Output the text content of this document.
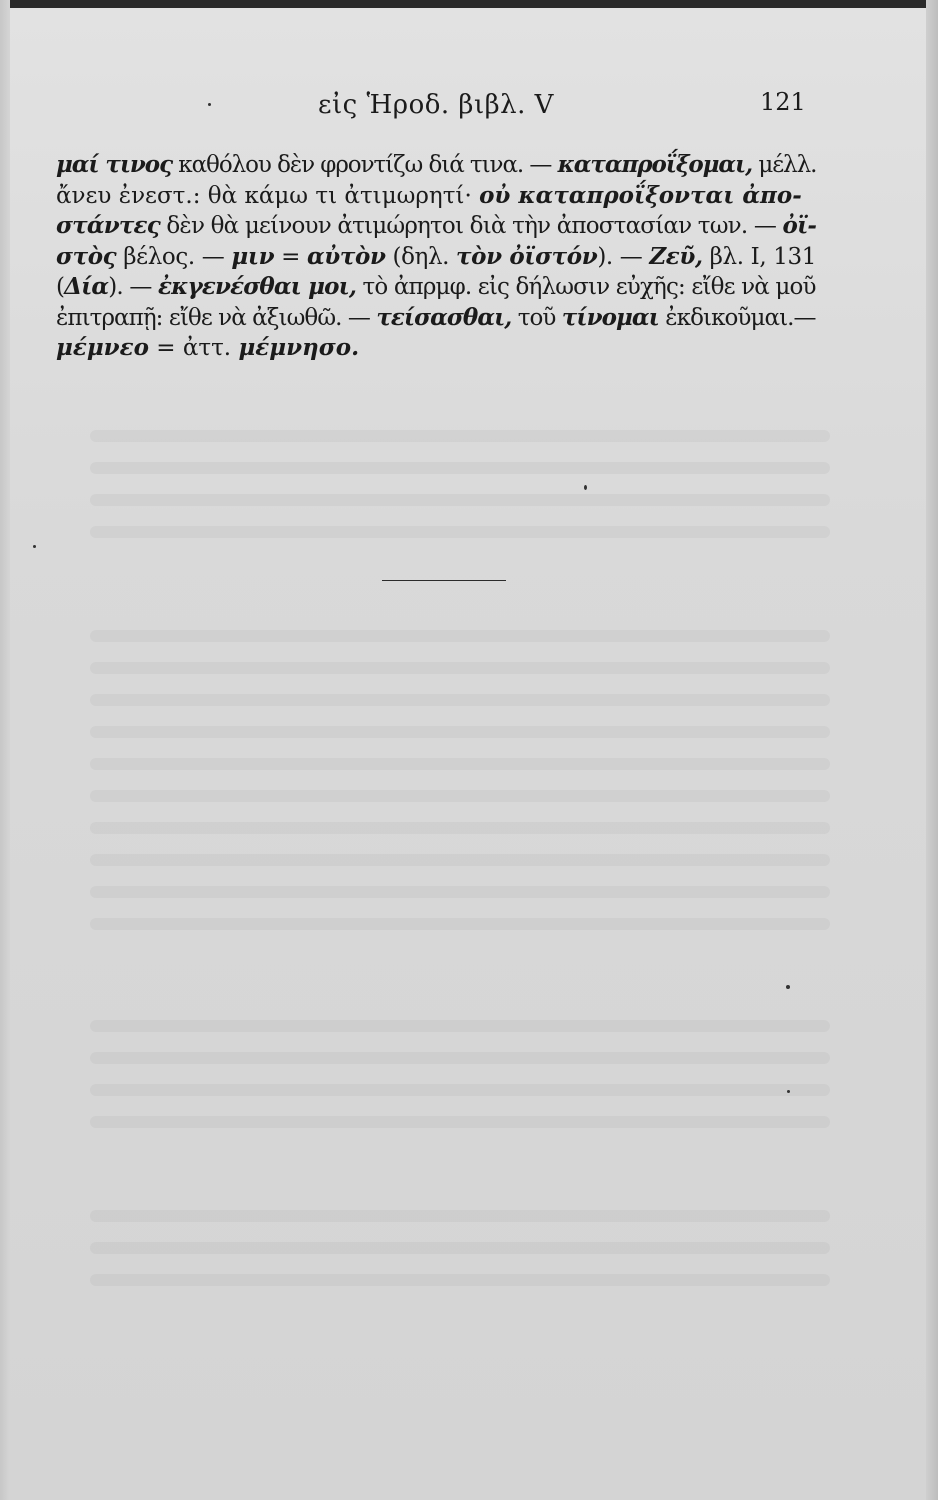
εἰς Ἡροδ. βιβλ. V	121
μαί τινος καθόλου δὲν φροντίζω διά τινα. — καταπροΐξομαι, μέλλ.
ἄνευ ἐνεστ.: θὰ κάμω τι ἀτιμωρητί· οὐ καταπροΐξονται ἀπο-
στάντες δὲν θὰ μείνουν ἀτιμώρητοι διὰ τὴν ἀποστασίαν των. — ὀϊ-
στὸς βέλος. — μιν = αὐτὸν (δηλ. τὸν ὀϊστόν). — Ζεῦ, βλ. I, 131
(Δία). — ἐκγενέσθαι μοι, τὸ ἀπρμφ. εἰς δήλωσιν εὐχῆς: εἴθε νὰ μοῦ
ἐπιτραπῇ: εἴθε νὰ ἀξιωθῶ. — τείσασθαι, τοῦ τίνομαι ἐκδικοῦμαι.—
μέμνεο = ἀττ. μέμνησο.
